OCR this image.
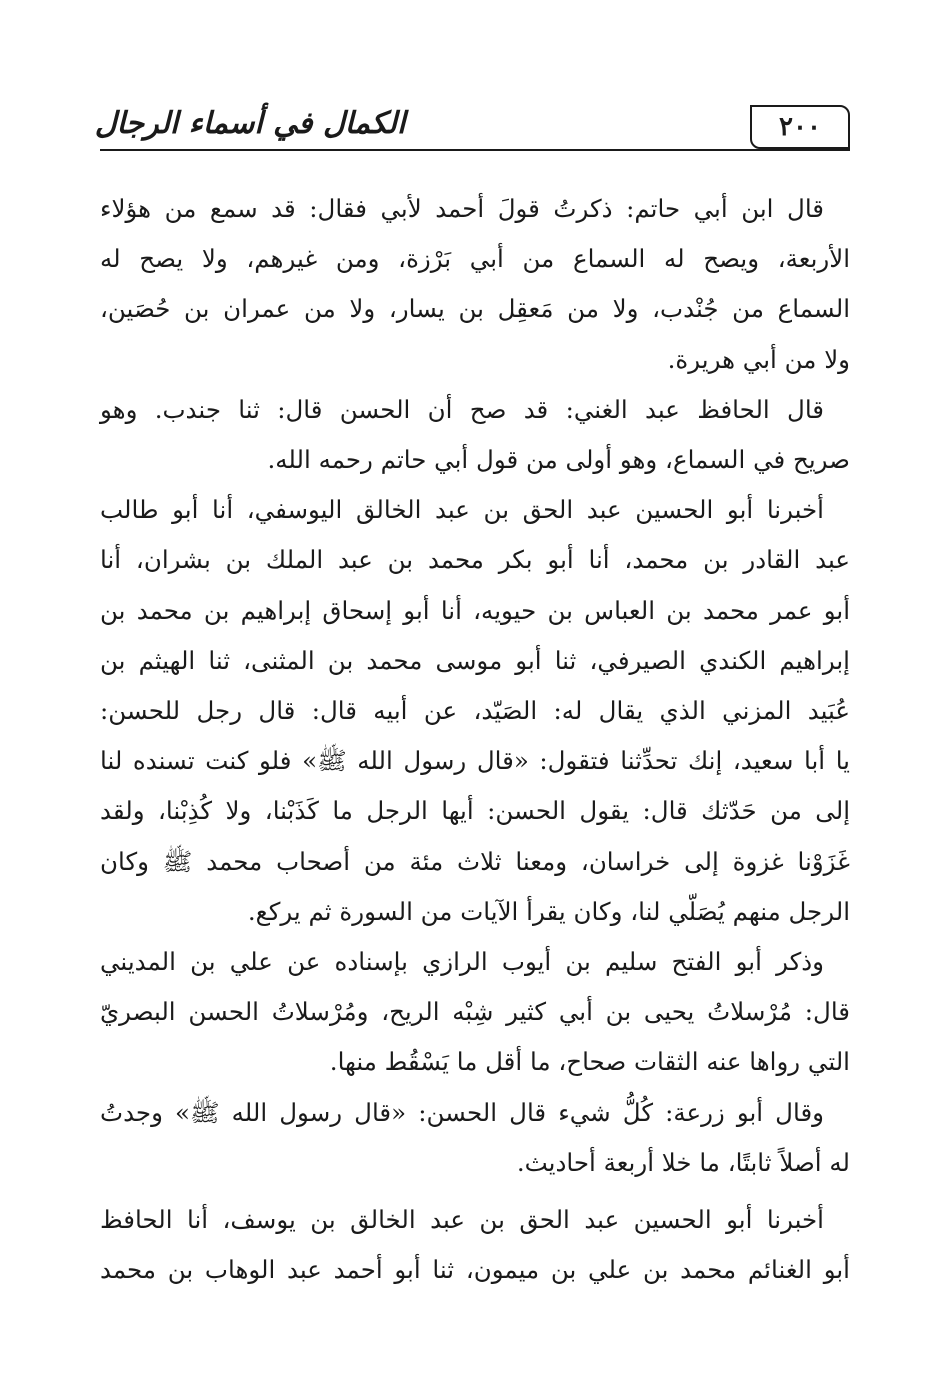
الكمال في أسماء الرجال	٢٠٠
قال ابن أبي حاتم: ذكرتُ قولَ أحمد لأبي فقال: قد سمع من هؤلاء
الأربعة، ويصح له السماع من أبي بَرْزة، ومن غيرهم، ولا يصح له
السماع من جُنْدب، ولا من مَعقِل بن يسار، ولا من عمران بن حُصَين،
ولا من أبي هريرة.
قال الحافظ عبد الغني: قد صح أن الحسن قال: ثنا جندب. وهو
صريح في السماع، وهو أولى من قول أبي حاتم رحمه الله.
أخبرنا أبو الحسين عبد الحق بن عبد الخالق اليوسفي، أنا أبو طالب
عبد القادر بن محمد، أنا أبو بكر محمد بن عبد الملك بن بشران، أنا
أبو عمر محمد بن العباس بن حيويه، أنا أبو إسحاق إبراهيم بن محمد بن
إبراهيم الكندي الصيرفي، ثنا أبو موسى محمد بن المثنى، ثنا الهيثم بن
عُبَيد المزني الذي يقال له: الصَيّد، عن أبيه قال: قال رجل للحسن:
يا أبا سعيد، إنك تحدِّثنا فتقول: «قال رسول الله ﷺ» فلو كنت تسنده لنا
إلى من حَدّثك قال: يقول الحسن: أيها الرجل ما كَذَبْنا، ولا كُذِبْنا، ولقد
غَزَوْنا غزوة إلى خراسان، ومعنا ثلاث مئة من أصحاب محمد ﷺ وكان
الرجل منهم يُصَلّي لنا، وكان يقرأ الآيات من السورة ثم يركع.
وذكر أبو الفتح سليم بن أيوب الرازي بإسناده عن علي بن المديني
قال: مُرْسلاتُ يحيى بن أبي كثير شِبْه الريح، ومُرْسلاتُ الحسن البصريّ
التي رواها عنه الثقات صحاح، ما أقل ما يَسْقُط منها.
وقال أبو زرعة: كُلُّ شيء قال الحسن: «قال رسول الله ﷺ» وجدتُ
له أصلاً ثابتًا، ما خلا أربعة أحاديث.
أخبرنا أبو الحسين عبد الحق بن عبد الخالق بن يوسف، أنا الحافظ
أبو الغنائم محمد بن علي بن ميمون، ثنا أبو أحمد عبد الوهاب بن محمد
